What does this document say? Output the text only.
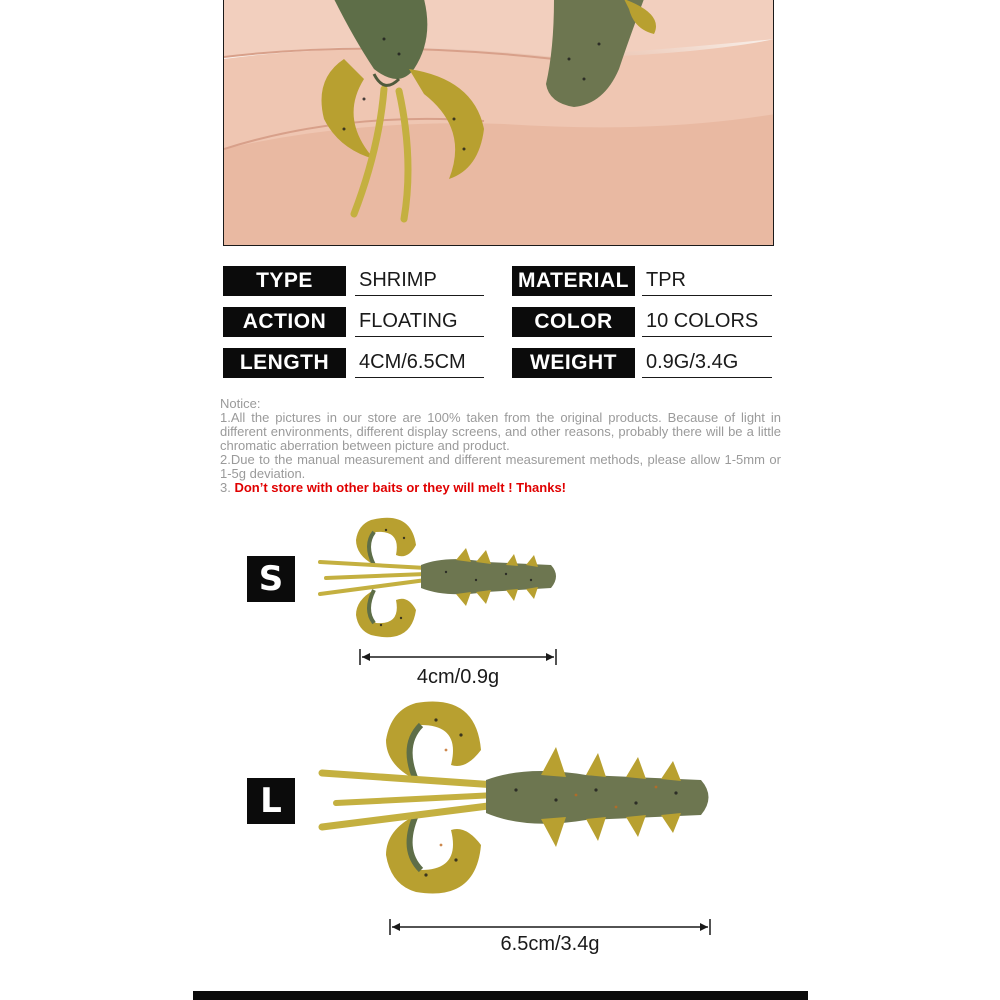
TYPE	SHRIMP	MATERIAL TPR
ACTION	FLOATING	COLOR	10 COLORS
LENGTH	4CM/6.5CM	WEIGHT	0.9G/3.4G

Notice:

1.All the pictures in our store are 100% taken from the original products. Because of light in different environments, different display screens, and other reasons, probably there will be a little chromatic aberration between picture and product.

2.Due to the manual measurement and different measurement methods, please allow 1-5mm or 1-5g deviation.

3. Don’t store with other baits or they will melt ! Thanks!

S
4cm/0.9g
L
6.5cm/3.4g
